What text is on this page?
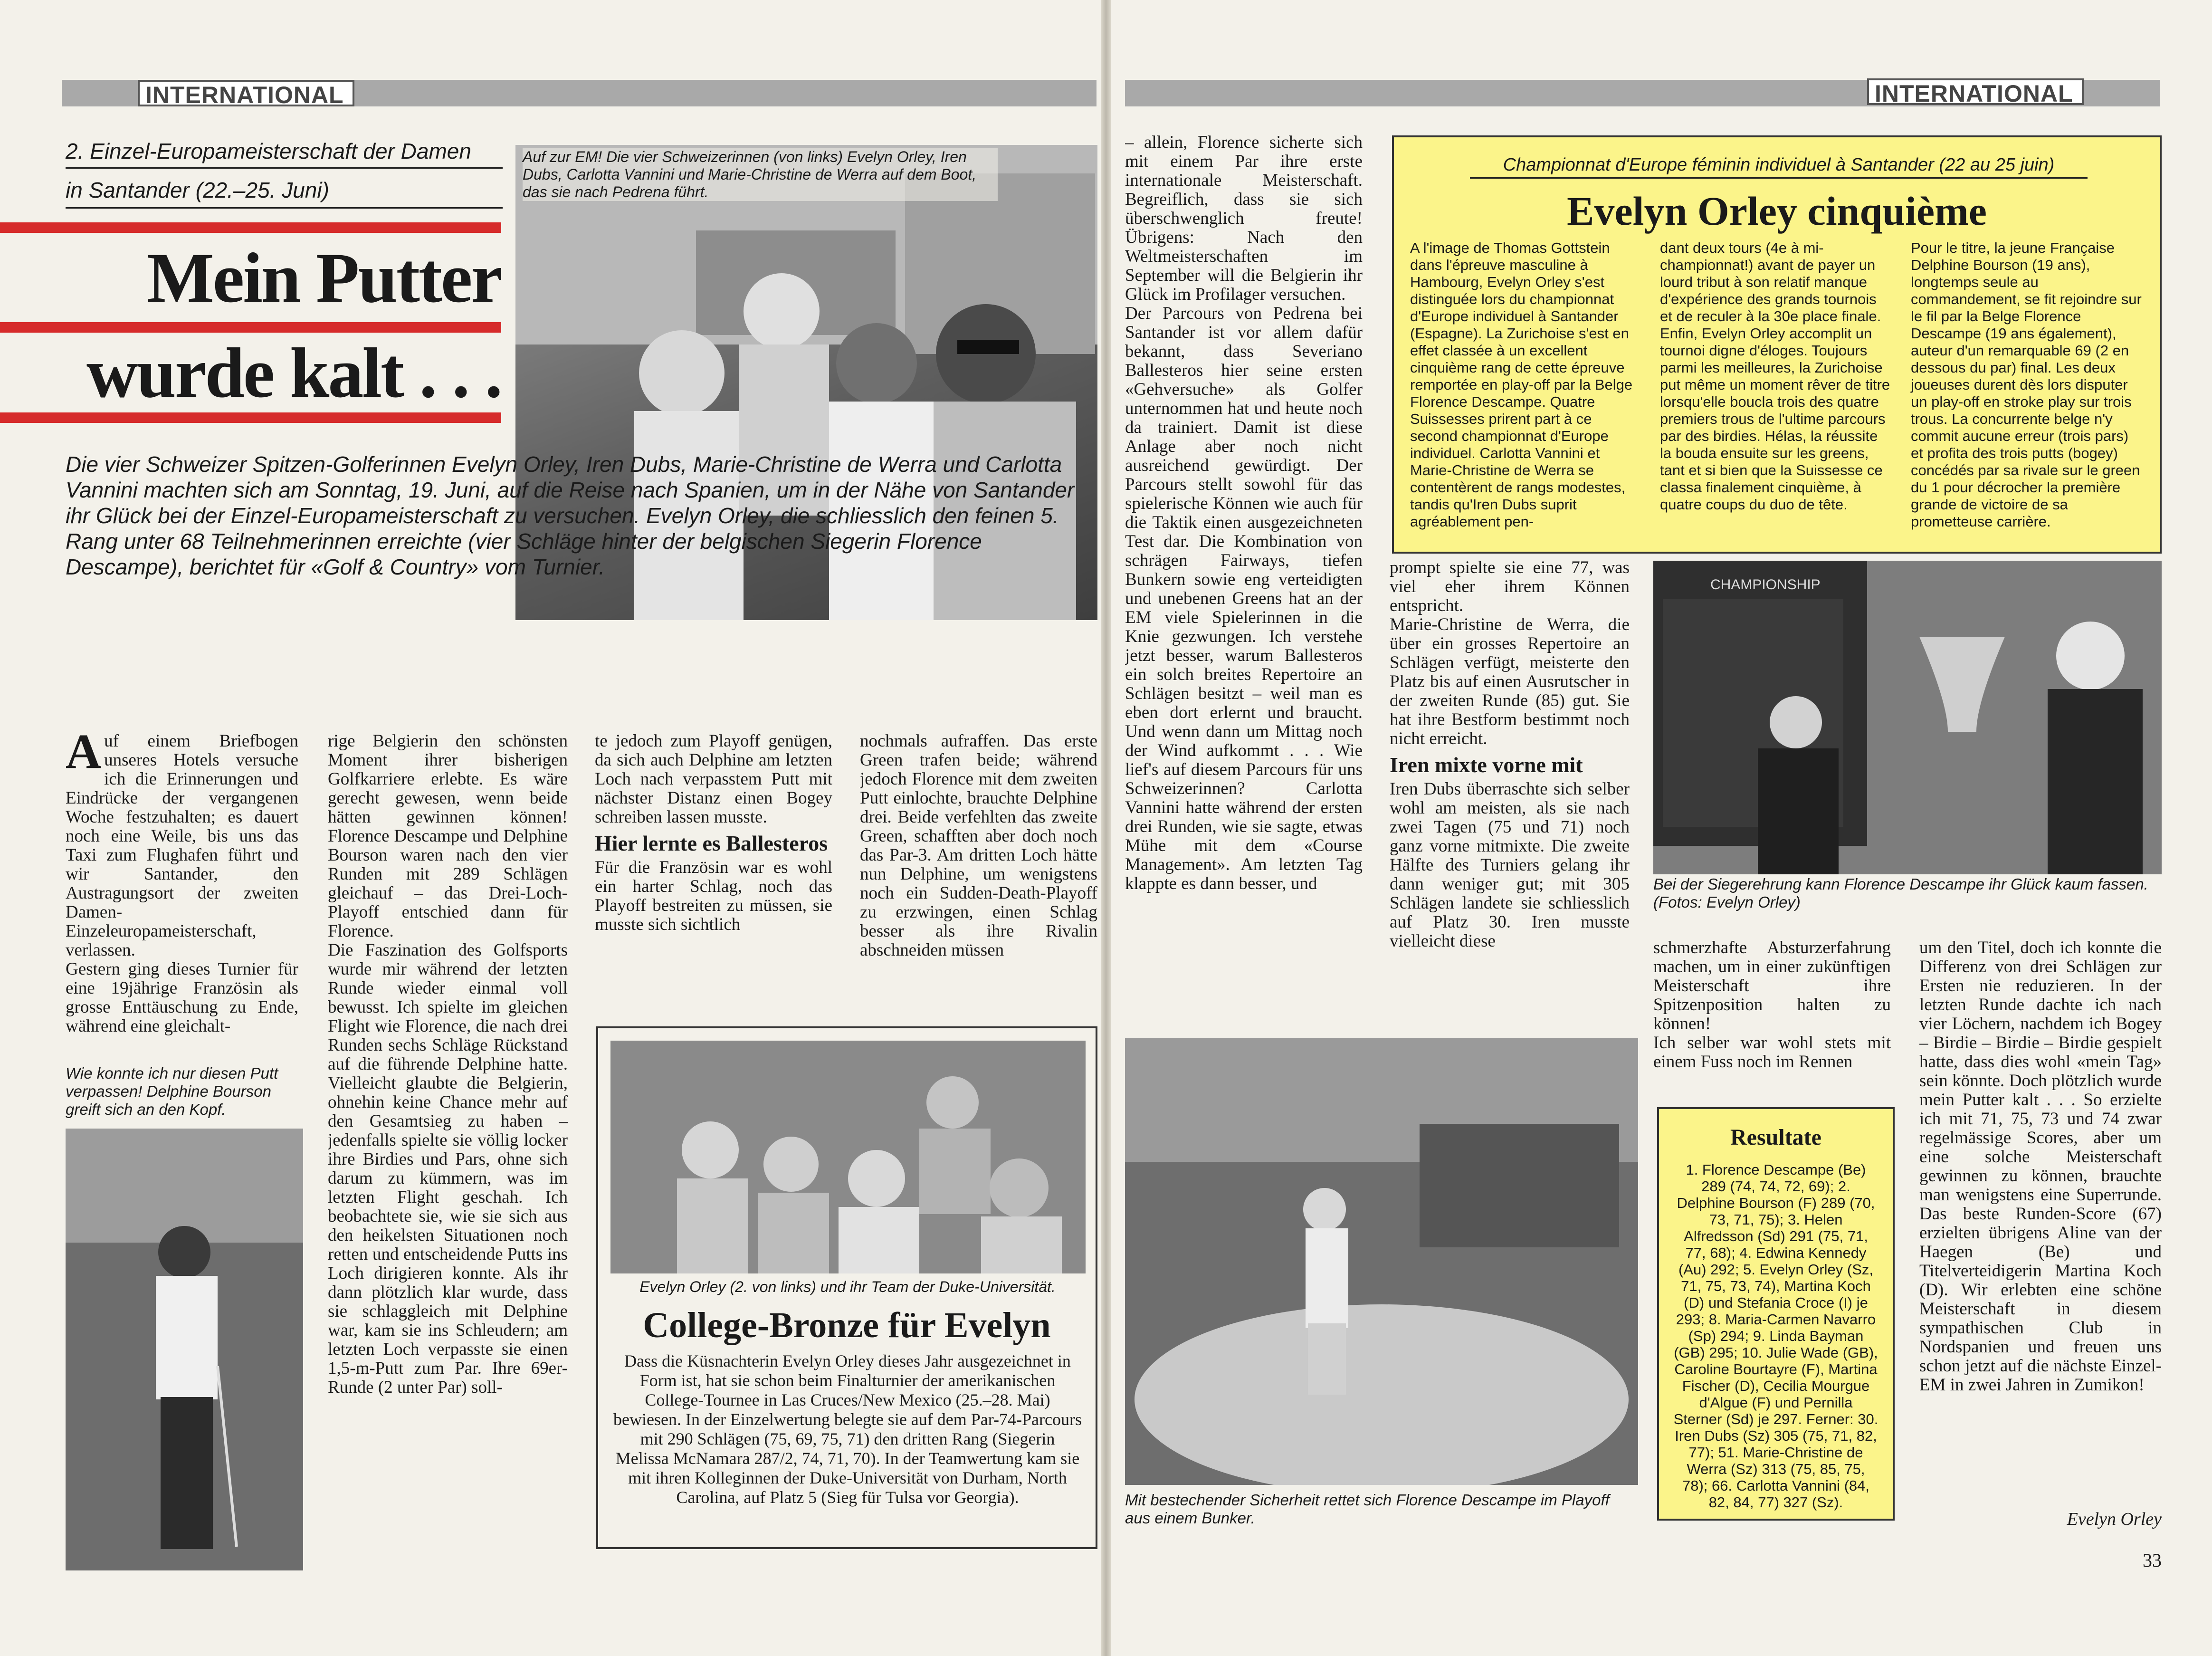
INTERNATIONAL
2. Einzel-Europameisterschaft der Damen
in Santander (22.–25. Juni)
Mein Putter
wurde kalt . . .
Auf zur EM! Die vier Schweizerinnen (von links) Evelyn Orley, Iren Dubs, Carlotta Vannini und Marie-Christine de Werra auf dem Boot, das sie nach Pedrena führt.
Die vier Schweizer Spitzen-Golferinnen Evelyn Orley, Iren Dubs, Marie-Christine de Werra und Carlotta Vannini machten sich am Sonntag, 19. Juni, auf die Reise nach Spanien, um in der Nähe von Santander ihr Glück bei der Einzel-Europameisterschaft zu versuchen. Evelyn Orley, die schliesslich den feinen 5. Rang unter 68 Teilnehmerinnen erreichte (vier Schläge hinter der belgischen Siegerin Florence Descampe), berichtet für «Golf & Country» vom Turnier.
A uf einem Briefbogen unseres Hotels versuche ich die Erinnerungen und Eindrücke der vergangenen Woche festzuhalten; es dauert noch eine Weile, bis uns das Taxi zum Flughafen führt und wir Santander, den Austragungsort der zweiten Damen-Einzeleuropameisterschaft, verlassen.

Gestern ging dieses Turnier für eine 19jährige Französin als grosse Enttäuschung zu Ende, während eine gleichalt-

Wie konnte ich nur diesen Putt verpassen! Delphine Bourson greift sich an den Kopf.

rige Belgierin den schönsten Moment ihrer bisherigen Golfkarriere erlebte. Es wäre gerecht gewesen, wenn beide hätten gewinnen können! Florence Descampe und Delphine Bourson waren nach den vier Runden mit 289 Schlägen gleichauf – das Drei-Loch-Playoff entschied dann für Florence.

Die Faszination des Golfsports wurde mir während der letzten Runde wieder einmal voll bewusst. Ich spielte im gleichen Flight wie Florence, die nach drei Runden sechs Schläge Rückstand auf die führende Delphine hatte. Vielleicht glaubte die Belgierin, ohnehin keine Chance mehr auf den Gesamtsieg zu haben – jedenfalls spielte sie völlig locker ihre Birdies und Pars, ohne sich darum zu kümmern, was im letzten Flight geschah. Ich beobachtete sie, wie sie sich aus den heikelsten Situationen noch retten und entscheidende Putts ins Loch dirigieren konnte. Als ihr dann plötzlich klar wurde, dass sie schlaggleich mit Delphine war, kam sie ins Schleudern; am letzten Loch verpasste sie einen 1,5-m-Putt zum Par. Ihre 69er-Runde (2 unter Par) soll-

te jedoch zum Playoff genügen, da sich auch Delphine am letzten Loch nach verpasstem Putt mit nächster Distanz einen Bogey schreiben lassen musste.

Hier lernte es Ballesteros

Für die Französin war es wohl ein harter Schlag, noch das Playoff bestreiten zu müssen, sie musste sich sichtlich

nochmals aufraffen. Das erste Green trafen beide; während jedoch Florence mit dem zweiten Putt einlochte, brauchte Delphine drei. Beide verfehlten das zweite Green, schafften aber doch noch das Par-3. Am dritten Loch hätte nun Delphine, um wenigstens noch ein Sudden-Death-Playoff zu erzwingen, einen Schlag besser als ihre Rivalin abschneiden müssen

Evelyn Orley (2. von links) und ihr Team der Duke-Universität.
College-Bronze für Evelyn
Dass die Küsnachterin Evelyn Orley dieses Jahr ausgezeichnet in Form ist, hat sie schon beim Finalturnier der amerikanischen College-Tournee in Las Cruces/New Mexico (25.–28. Mai) bewiesen. In der Einzelwertung belegte sie auf dem Par-74-Parcours mit 290 Schlägen (75, 69, 75, 71) den dritten Rang (Siegerin Melissa McNamara 287/2, 74, 71, 70). In der Teamwertung kam sie mit ihren Kolleginnen der Duke-Universität von Durham, North Carolina, auf Platz 5 (Sieg für Tulsa vor Georgia).
INTERNATIONAL

– allein, Florence sicherte sich mit einem Par ihre erste internationale Meisterschaft. Begreiflich, dass sie sich überschwenglich freute! Übrigens: Nach den Weltmeisterschaften im September will die Belgierin ihr Glück im Profilager versuchen.

Der Parcours von Pedrena bei Santander ist vor allem dafür bekannt, dass Severiano Ballesteros hier seine ersten «Gehversuche» als Golfer unternommen hat und heute noch da trainiert. Damit ist diese Anlage aber noch nicht ausreichend gewürdigt. Der Parcours stellt sowohl für das spielerische Können wie auch für die Taktik einen ausgezeichneten Test dar. Die Kombination von schrägen Fairways, tiefen Bunkern sowie eng verteidigten und unebenen Greens hat an der EM viele Spielerinnen in die Knie gezwungen. Ich verstehe jetzt besser, warum Ballesteros ein solch breites Repertoire an Schlägen besitzt – weil man es eben dort erlernt und braucht. Und wenn dann um Mittag noch der Wind aufkommt . . . Wie lief's auf diesem Parcours für uns Schweizerinnen? Carlotta Vannini hatte während der ersten drei Runden, wie sie sagte, etwas Mühe mit dem «Course Management». Am letzten Tag klappte es dann besser, und

Championnat d'Europe féminin individuel à Santander (22 au 25 juin)
Evelyn Orley cinquième
A l'image de Thomas Gottstein dans l'épreuve masculine à Hambourg, Evelyn Orley s'est distinguée lors du championnat d'Europe individuel à Santander (Espagne). La Zurichoise s'est en effet classée à un excellent cinquième rang de cette épreuve remportée en play-off par la Belge Florence Descampe. Quatre Suissesses prirent part à ce second championnat d'Europe individuel. Carlotta Vannini et Marie-Christine de Werra se contentèrent de rangs modestes, tandis qu'Iren Dubs suprit agréablement pen-
dant deux tours (4e à mi-championnat!) avant de payer un lourd tribut à son relatif manque d'expérience des grands tournois et de reculer à la 30e place finale. Enfin, Evelyn Orley accomplit un tournoi digne d'éloges. Toujours parmi les meilleures, la Zurichoise put même un moment rêver de titre lorsqu'elle boucla trois des quatre premiers trous de l'ultime parcours par des birdies. Hélas, la réussite la bouda ensuite sur les greens, tant et si bien que la Suissesse ce classa finalement cinquième, à quatre coups du duo de tête.
Pour le titre, la jeune Française Delphine Bourson (19 ans), longtemps seule au commandement, se fit rejoindre sur le fil par la Belge Florence Descampe (19 ans également), auteur d'un remarquable 69 (2 en dessous du par) final. Les deux joueuses durent dès lors disputer un play-off en stroke play sur trois trous. La concurrente belge n'y commit aucune erreur (trois pars) et profita des trois putts (bogey) concédés par sa rivale sur le green du 1 pour décrocher la première grande de victoire de sa prometteuse carrière.

prompt spielte sie eine 77, was viel eher ihrem Können entspricht.

Marie-Christine de Werra, die über ein grosses Repertoire an Schlägen verfügt, meisterte den Platz bis auf einen Ausrutscher in der zweiten Runde (85) gut. Sie hat ihre Bestform bestimmt noch nicht erreicht.

Iren mixte vorne mit

Iren Dubs überraschte sich selber wohl am meisten, als sie nach zwei Tagen (75 und 71) noch ganz vorne mitmixte. Die zweite Hälfte des Turniers gelang ihr dann weniger gut; mit 305 Schlägen landete sie schliesslich auf Platz 30. Iren musste vielleicht diese

CHAMPIONSHIP
Bei der Siegerehrung kann Florence Descampe ihr Glück kaum fassen. (Fotos: Evelyn Orley)
Mit bestechender Sicherheit rettet sich Florence Descampe im Playoff aus einem Bunker.

schmerzhafte Absturzerfahrung machen, um in einer zukünftigen Meisterschaft ihre Spitzenposition halten zu können!

Ich selber war wohl stets mit einem Fuss noch im Rennen

Resultate
1. Florence Descampe (Be) 289 (74, 74, 72, 69); 2. Delphine Bourson (F) 289 (70, 73, 71, 75); 3. Helen Alfredsson (Sd) 291 (75, 71, 77, 68); 4. Edwina Kennedy (Au) 292; 5. Evelyn Orley (Sz, 71, 75, 73, 74), Martina Koch (D) und Stefania Croce (I) je 293; 8. Maria-Carmen Navarro (Sp) 294; 9. Linda Bayman (GB) 295; 10. Julie Wade (GB), Caroline Bourtayre (F), Martina Fischer (D), Cecilia Mourgue d'Algue (F) und Pernilla Sterner (Sd) je 297. Ferner: 30. Iren Dubs (Sz) 305 (75, 71, 82, 77); 51. Marie-Christine de Werra (Sz) 313 (75, 85, 75, 78); 66. Carlotta Vannini (84, 82, 84, 77) 327 (Sz).

um den Titel, doch ich konnte die Differenz von drei Schlägen zur Ersten nie reduzieren. In der letzten Runde dachte ich nach vier Löchern, nachdem ich Bogey – Birdie – Birdie – Birdie gespielt hatte, dass dies wohl «mein Tag» sein könnte. Doch plötzlich wurde mein Putter kalt . . . So erzielte ich mit 71, 75, 73 und 74 zwar regelmässige Scores, aber um eine solche Meisterschaft gewinnen zu können, brauchte man wenigstens eine Superrunde. Das beste Runden-Score (67) erzielten übrigens Aline van der Haegen (Be) und Titelverteidigerin Martina Koch (D). Wir erlebten eine schöne Meisterschaft in diesem sympathischen Club in Nordspanien und freuen uns schon jetzt auf die nächste Einzel-EM in zwei Jahren in Zumikon!

Evelyn Orley
33
